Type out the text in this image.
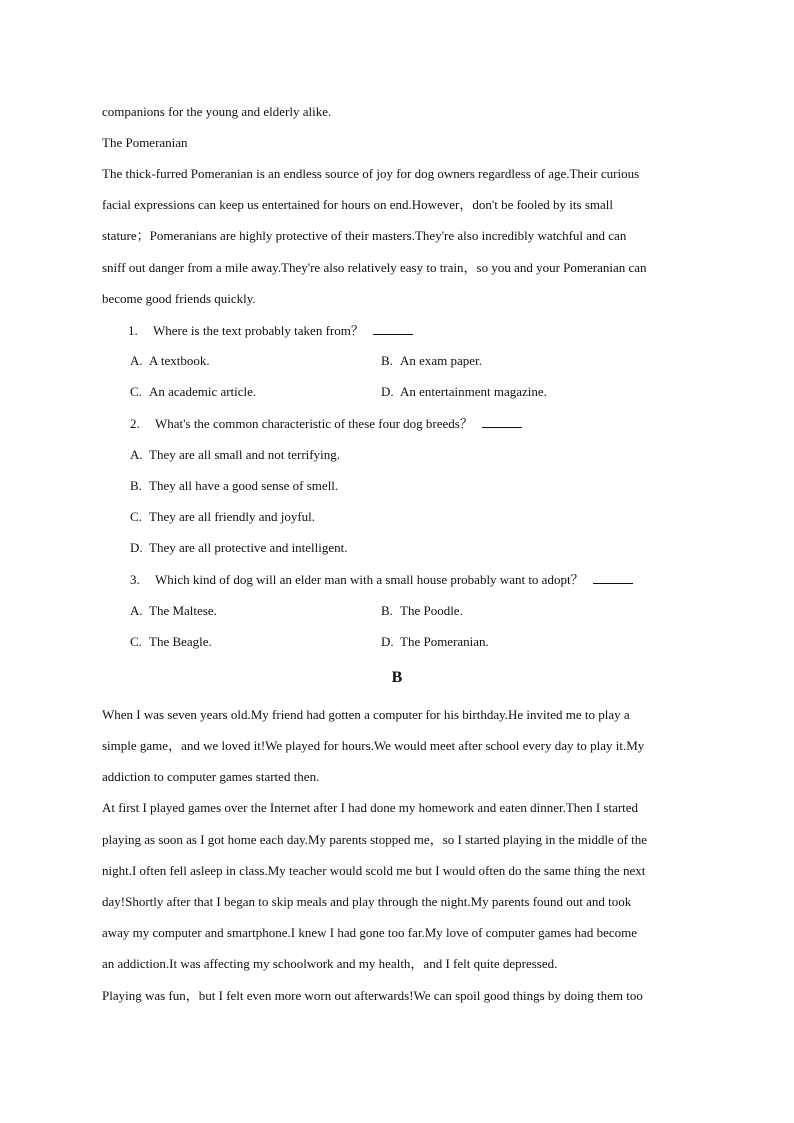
companions for the young and elderly alike.
The Pomeranian
The thick-furred Pomeranian is an endless source of joy for dog owners regardless of age.Their curious
facial expressions can keep us entertained for hours on end.However，don't be fooled by its small
stature；Pomeranians are highly protective of their masters.They're also incredibly watchful and can
sniff out danger from a mile away.They're also relatively easy to train，so you and your Pomeranian can
become good friends quickly.
1. Where is the text probably taken from？
A. A textbook.	B. An exam paper.
C. An academic article.	D. An entertainment magazine.
2. What's the common characteristic of these four dog breeds？
A. They are all small and not terrifying.
B. They all have a good sense of smell.
C. They are all friendly and joyful.
D. They are all protective and intelligent.
3. Which kind of dog will an elder man with a small house probably want to adopt？
A. The Maltese.	B. The Poodle.
C. The Beagle.	D. The Pomeranian.
B
When I was seven years old.My friend had gotten a computer for his birthday.He invited me to play a
simple game，and we loved it!We played for hours.We would meet after school every day to play it.My
addiction to computer games started then.
At first I played games over the Internet after I had done my homework and eaten dinner.Then I started
playing as soon as I got home each day.My parents stopped me，so I started playing in the middle of the
night.I often fell asleep in class.My teacher would scold me but I would often do the same thing the next
day!Shortly after that I began to skip meals and play through the night.My parents found out and took
away my computer and smartphone.I knew I had gone too far.My love of computer games had become
an addiction.It was affecting my schoolwork and my health，and I felt quite depressed.
Playing was fun，but I felt even more worn out afterwards!We can spoil good things by doing them too
